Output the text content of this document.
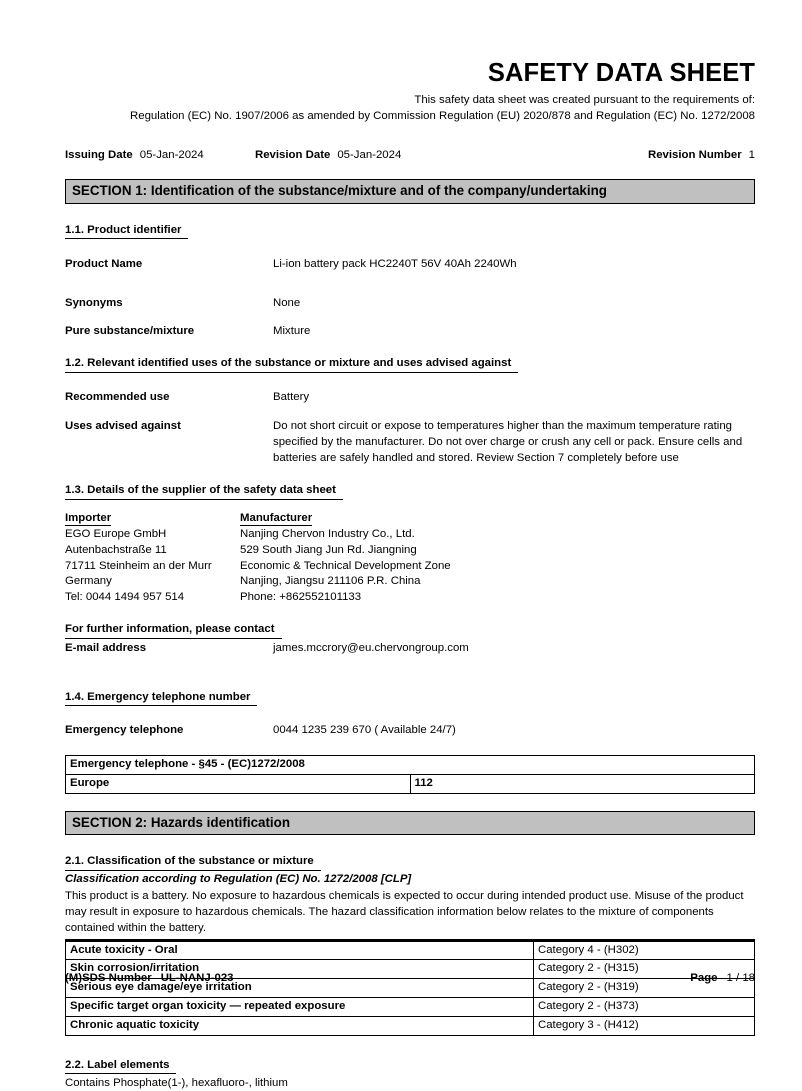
SAFETY DATA SHEET
This safety data sheet was created pursuant to the requirements of:
Regulation (EC) No. 1907/2006 as amended by Commission Regulation (EU) 2020/878 and Regulation (EC) No. 1272/2008
Issuing Date 05-Jan-2024	Revision Date 05-Jan-2024	Revision Number 1
SECTION 1: Identification of the substance/mixture and of the company/undertaking
1.1. Product identifier
Product Name	Li-ion battery pack HC2240T 56V 40Ah 2240Wh
Synonyms	None
Pure substance/mixture	Mixture
1.2. Relevant identified uses of the substance or mixture and uses advised against
Recommended use	Battery
Uses advised against	Do not short circuit or expose to temperatures higher than the maximum temperature rating specified by the manufacturer. Do not over charge or crush any cell or pack. Ensure cells and batteries are safely handled and stored. Review Section 7 completely before use
1.3. Details of the supplier of the safety data sheet
Importer
EGO Europe GmbH
Autenbachstraße 11
71711 Steinheim an der Murr
Germany
Tel: 0044 1494 957 514
Manufacturer
Nanjing Chervon Industry Co., Ltd.
529 South Jiang Jun Rd. Jiangning
Economic & Technical Development Zone
Nanjing, Jiangsu 211106 P.R. China
Phone: +862552101133
For further information, please contact
E-mail address	james.mccrory@eu.chervongroup.com
1.4. Emergency telephone number
Emergency telephone	0044 1235 239 670 ( Available 24/7)
Emergency telephone - §45 - (EC)1272/2008
Europe	112
SECTION 2: Hazards identification
2.1. Classification of the substance or mixture
Classification according to Regulation (EC) No. 1272/2008 [CLP]

This product is a battery. No exposure to hazardous chemicals is expected to occur during intended product use. Misuse of the product may result in exposure to hazardous chemicals. The hazard classification information below relates to the mixture of components contained within the battery.

Acute toxicity - Oral	Category 4 - (H302)
Skin corrosion/irritation	Category 2 - (H315)
Serious eye damage/eye irritation	Category 2 - (H319)
Specific target organ toxicity — repeated exposure	Category 2 - (H373)
Chronic aquatic toxicity	Category 3 - (H412)
2.2. Label elements
Contains Phosphate(1-), hexafluoro-, lithium
(M)SDS Number UL-NANJ-023	Page 1 / 18
